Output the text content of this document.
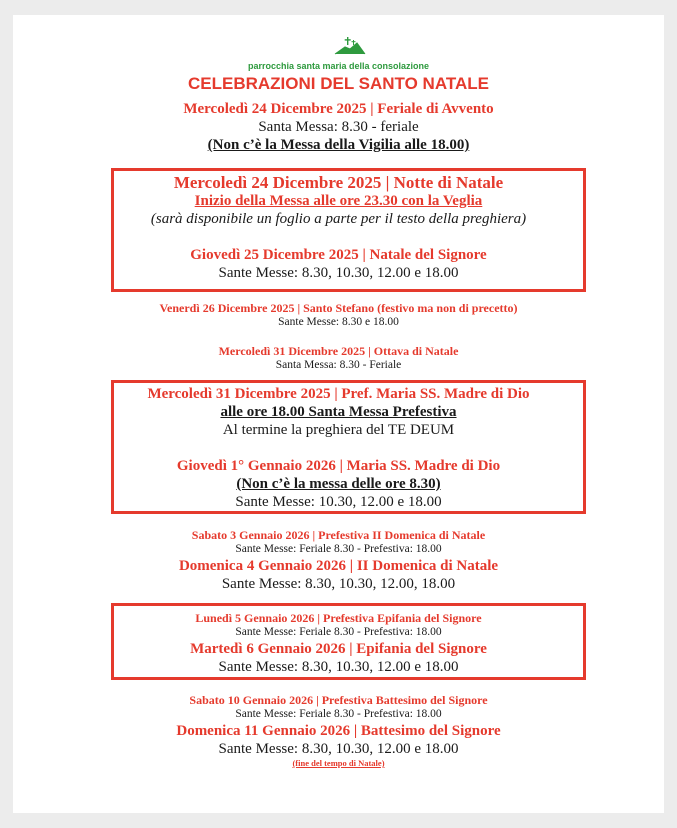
parrocchia santa maria della consolazione
CELEBRAZIONI DEL SANTO NATALE
Mercoledì 24 Dicembre 2025 | Feriale di Avvento
Santa Messa: 8.30 - feriale
(Non c’è la Messa della Vigilia alle 18.00)
Mercoledì 24 Dicembre 2025 | Notte di Natale
Inizio della Messa alle ore 23.30 con la Veglia
(sarà disponibile un foglio a parte per il testo della preghiera)
Giovedì 25 Dicembre 2025 | Natale del Signore
Sante Messe: 8.30, 10.30, 12.00 e 18.00
Venerdì 26 Dicembre 2025 | Santo Stefano (festivo ma non di precetto)
Sante Messe: 8.30 e 18.00
Mercoledì 31 Dicembre 2025 | Ottava di Natale
Santa Messa: 8.30 - Feriale
Mercoledì 31 Dicembre 2025 | Pref. Maria SS. Madre di Dio
alle ore 18.00 Santa Messa Prefestiva
Al termine la preghiera del TE DEUM
Giovedì 1° Gennaio 2026 | Maria SS. Madre di Dio
(Non c’è la messa delle ore 8.30)
Sante Messe: 10.30, 12.00 e 18.00
Sabato 3 Gennaio 2026 | Prefestiva II Domenica di Natale
Sante Messe: Feriale 8.30 - Prefestiva: 18.00
Domenica 4 Gennaio 2026 | II Domenica di Natale
Sante Messe: 8.30, 10.30, 12.00, 18.00
Lunedì 5 Gennaio 2026 | Prefestiva Epifania del Signore
Sante Messe: Feriale 8.30 - Prefestiva: 18.00
Martedì 6 Gennaio 2026 | Epifania del Signore
Sante Messe: 8.30, 10.30, 12.00 e 18.00
Sabato 10 Gennaio 2026 | Prefestiva Battesimo del Signore
Sante Messe: Feriale 8.30 - Prefestiva: 18.00
Domenica 11 Gennaio 2026 | Battesimo del Signore
Sante Messe: 8.30, 10.30, 12.00 e 18.00
(fine del tempo di Natale)
